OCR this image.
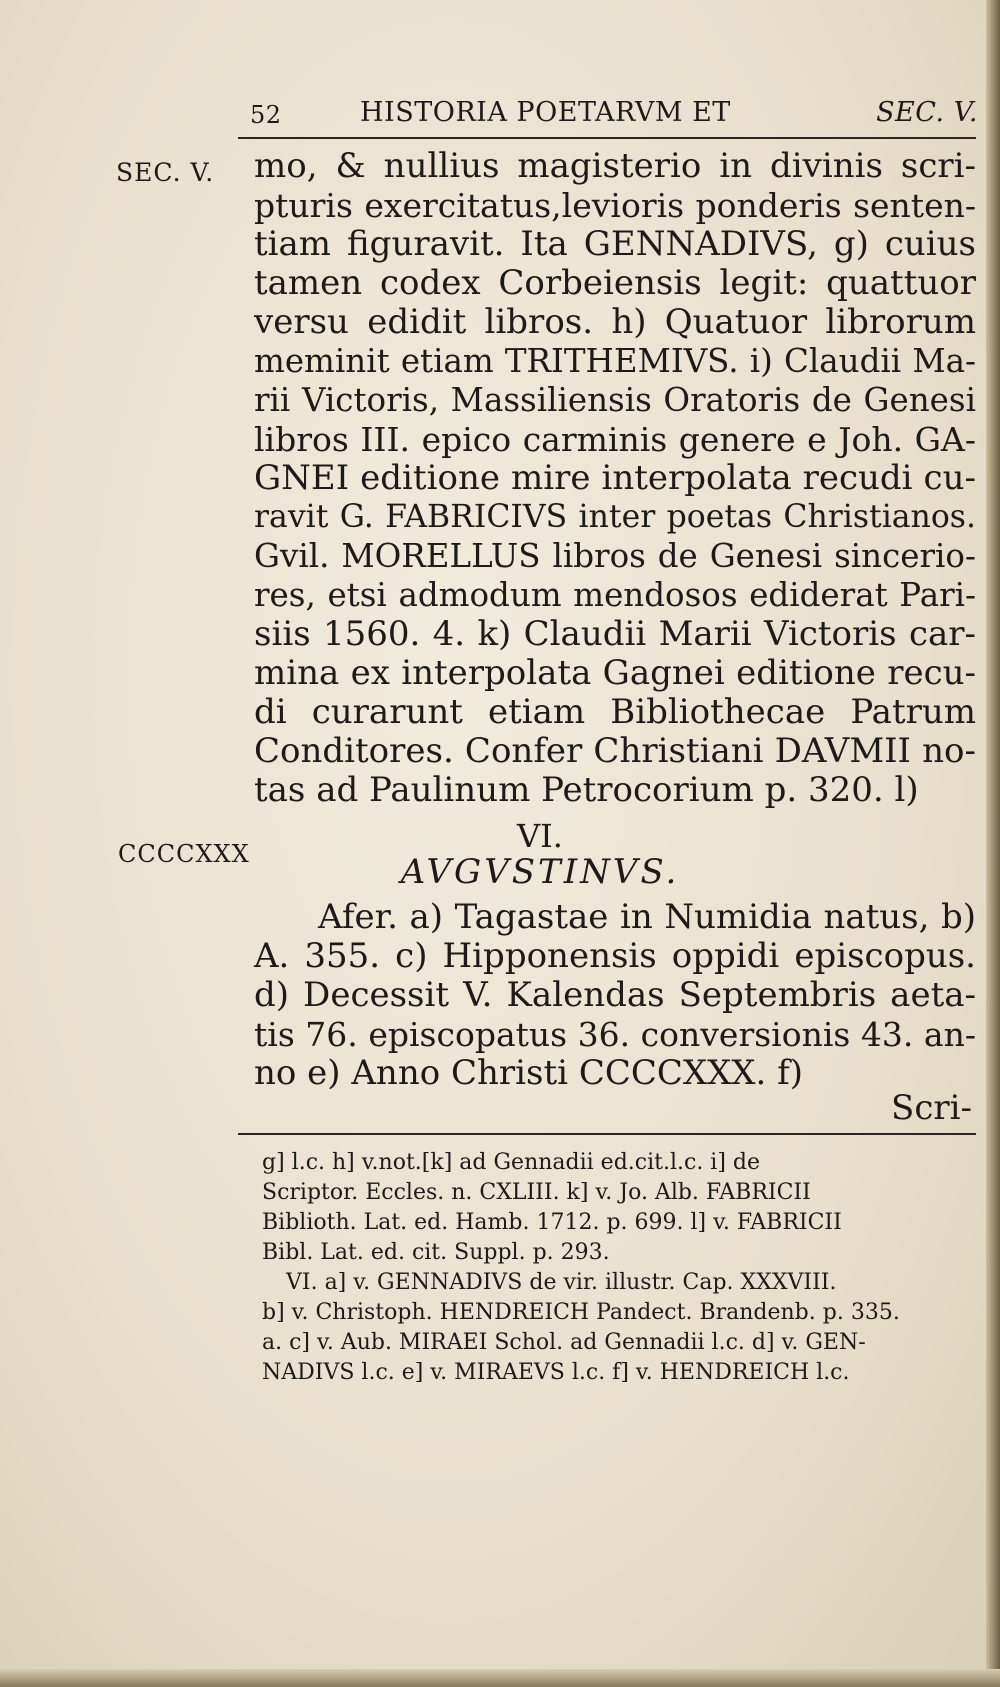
52	HISTORIA POETARVM ET	SEC. V.
SEC. V.
CCCCXXX
mo, & nullius magisterio in divinis scri-
pturis exercitatus,levioris ponderis senten-
tiam figuravit. Ita GENNADIVS, g) cuius
tamen codex Corbeiensis legit: quattuor
versu edidit libros. h) Quatuor librorum
meminit etiam TRITHEMIVS. i) Claudii Ma-
rii Victoris, Massiliensis Oratoris de Genesi
libros III. epico carminis genere e Joh. GA-
GNEI editione mire interpolata recudi cu-
ravit G. FABRICIVS inter poetas Christianos.
Gvil. MORELLUS libros de Genesi sincerio-
res, etsi admodum mendosos ediderat Pari-
siis 1560. 4. k) Claudii Marii Victoris car-
mina ex interpolata Gagnei editione recu-
di curarunt etiam Bibliothecae Patrum
Conditores. Confer Christiani DAVMII no-
tas ad Paulinum Petrocorium p. 320. l)
VI.
AVGVSTINVS.
Afer. a) Tagastae in Numidia natus, b)
A. 355. c) Hipponensis oppidi episcopus.
d) Decessit V. Kalendas Septembris aeta-
tis 76. episcopatus 36. conversionis 43. an-
no e) Anno Christi CCCCXXX. f)
Scri-
g] l.c. h] v.not.[k] ad Gennadii ed.cit.l.c. i] de
Scriptor. Eccles. n. CXLIII. k] v. Jo. Alb. FABRICII
Biblioth. Lat. ed. Hamb. 1712. p. 699. l] v. FABRICII
Bibl. Lat. ed. cit. Suppl. p. 293.
VI. a] v. GENNADIVS de vir. illustr. Cap. XXXVIII.
b] v. Christoph. HENDREICH Pandect. Brandenb. p. 335.
a. c] v. Aub. MIRAEI Schol. ad Gennadii l.c. d] v. GEN-
NADIVS l.c. e] v. MIRAEVS l.c. f] v. HENDREICH l.c.
